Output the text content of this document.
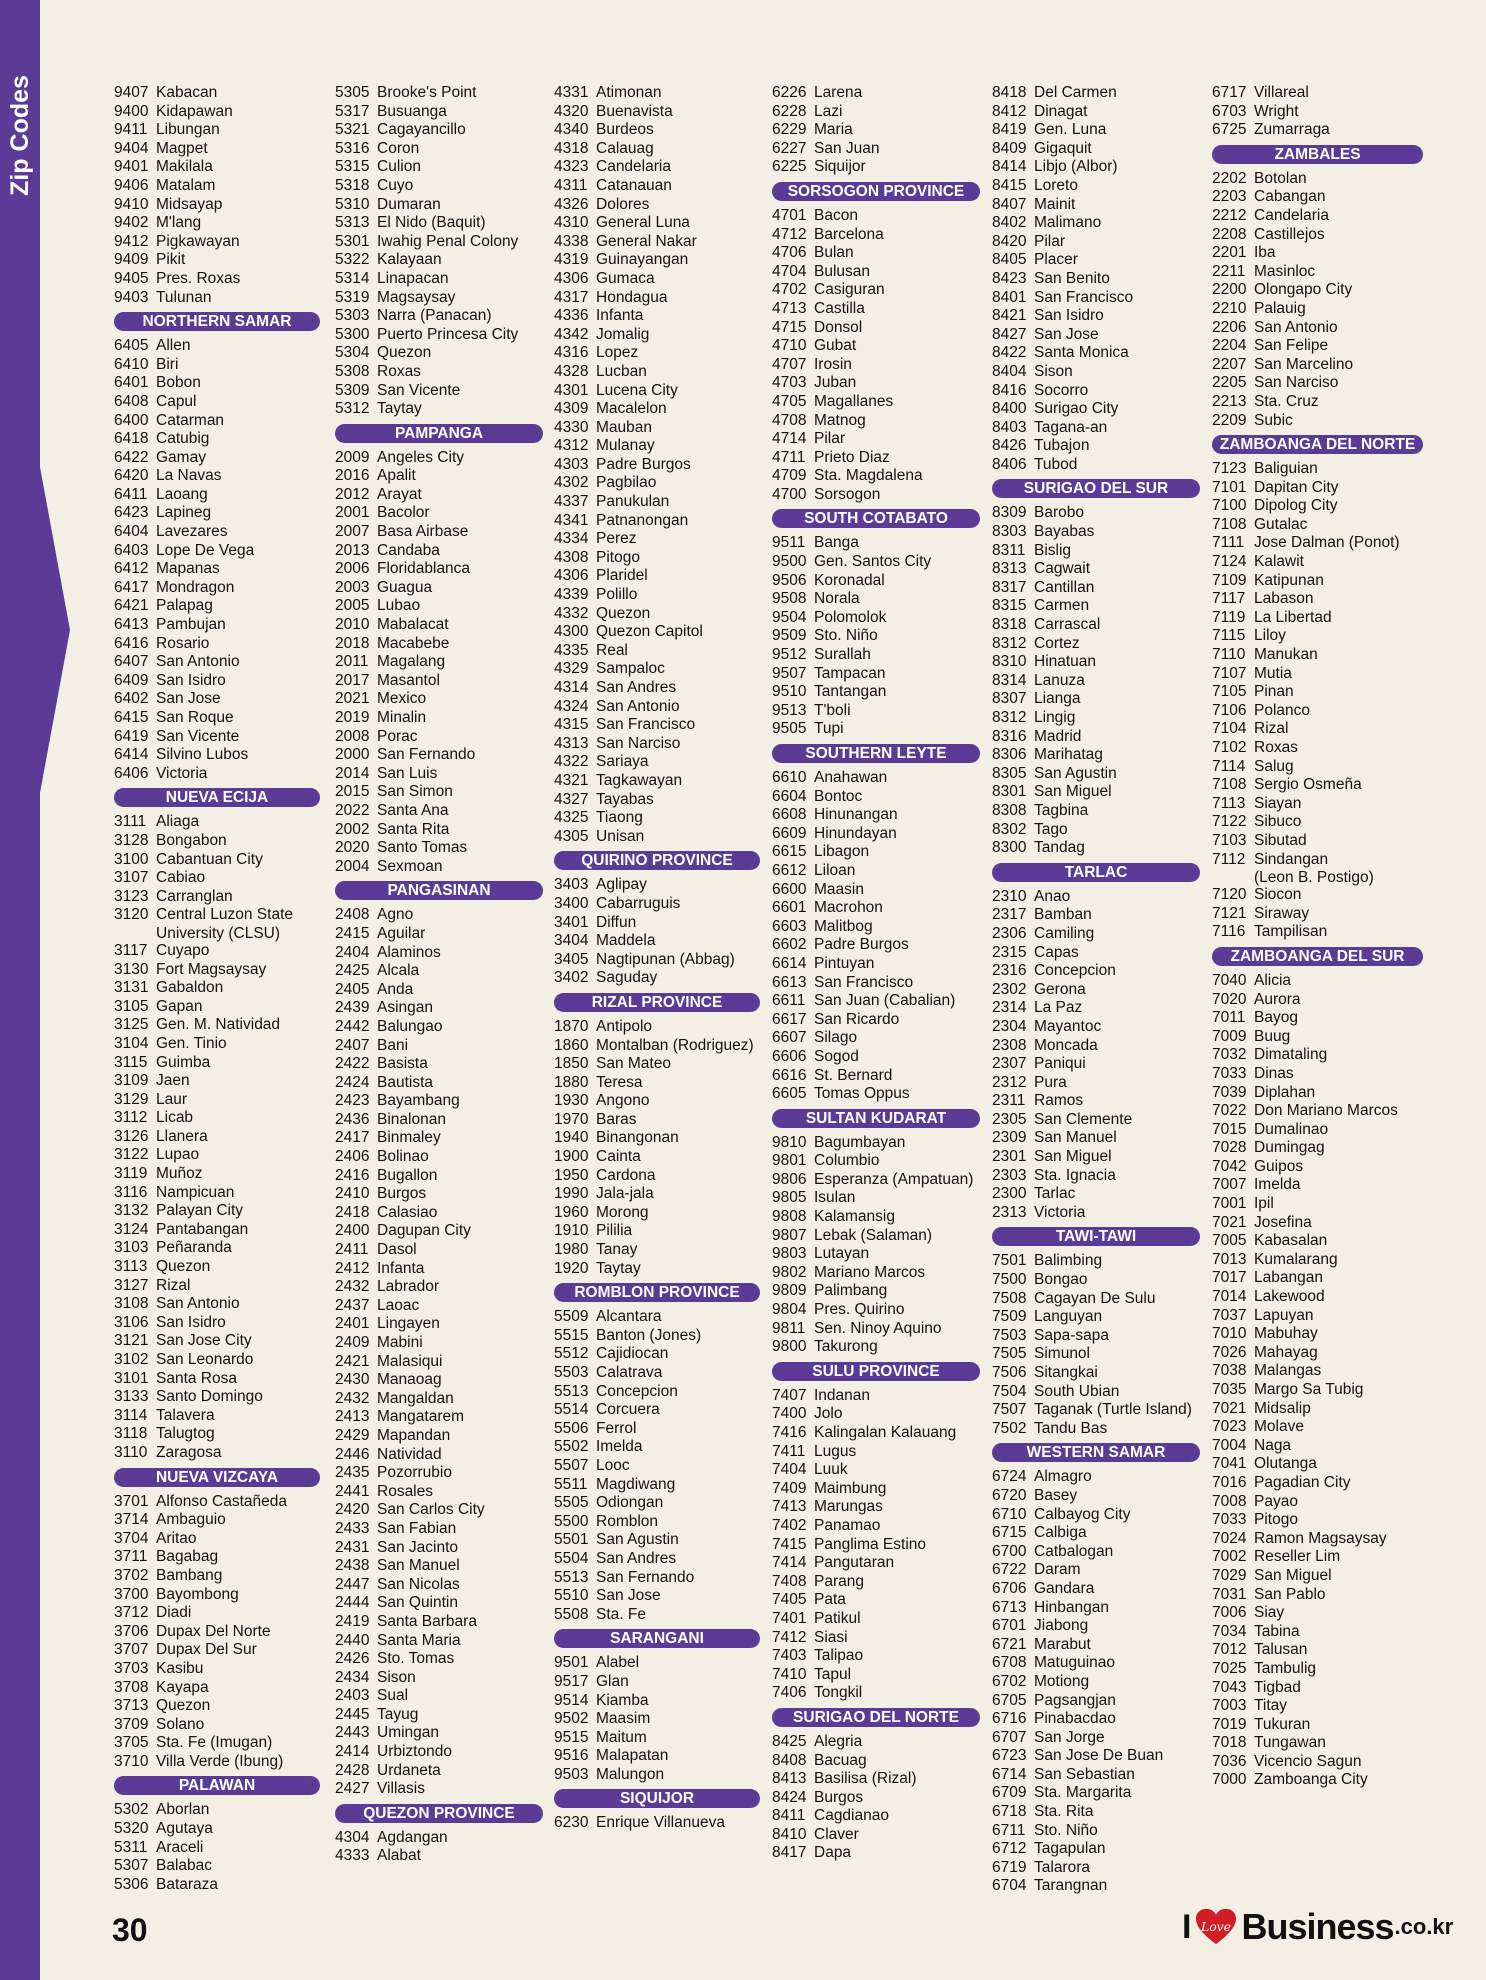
Zip Codes	9407 Kabacan
9400 Kidapawan
9411 Libungan
9404 Magpet
9401 Makilala
9406 Matalam
9410 Midsayap
9402 M'lang
9412 Pigkawayan
9409 Pikit
9405 Pres. Roxas
9403 Tulunan
NORTHERN SAMAR
6405 Allen
6410 Biri
6401 Bobon
6408 Capul
6400 Catarman
6418 Catubig
6422 Gamay
6420 La Navas
6411 Laoang
6423 Lapineg
6404 Lavezares
6403 Lope De Vega
6412 Mapanas
6417 Mondragon
6421 Palapag
6413 Pambujan
6416 Rosario
6407 San Antonio
6409 San Isidro
6402 San Jose
6415 San Roque
6419 San Vicente
6414 Silvino Lubos
6406 Victoria
NUEVA ECIJA
3111 Aliaga
3128 Bongabon
3100 Cabantuan City
3107 Cabiao
3123 Carranglan
3120 Central Luzon State
University (CLSU)
3117 Cuyapo
3130 Fort Magsaysay
3131 Gabaldon
3105 Gapan
3125 Gen. M. Natividad
3104 Gen. Tinio
3115 Guimba
3109 Jaen
3129 Laur
3112 Licab
3126 Llanera
3122 Lupao
3119 Muñoz
3116 Nampicuan
3132 Palayan City
3124 Pantabangan
3103 Peñaranda
3113 Quezon
3127 Rizal
3108 San Antonio
3106 San Isidro
3121 San Jose City
3102 San Leonardo
3101 Santa Rosa
3133 Santo Domingo
3114 Talavera
3118 Talugtog
3110 Zaragosa
NUEVA VIZCAYA
3701 Alfonso Castañeda
3714 Ambaguio
3704 Aritao
3711 Bagabag
3702 Bambang
3700 Bayombong
3712 Diadi
3706 Dupax Del Norte
3707 Dupax Del Sur
3703 Kasibu
3708 Kayapa
3713 Quezon
3709 Solano
3705 Sta. Fe (Imugan)
3710 Villa Verde (Ibung)
PALAWAN
5302 Aborlan
5320 Agutaya
5311 Araceli
5307 Balabac
5306 Bataraza
5305 Brooke's Point
5317 Busuanga
5321 Cagayancillo
5316 Coron
5315 Culion
5318 Cuyo
5310 Dumaran
5313 El Nido (Baquit)
5301 Iwahig Penal Colony
5322 Kalayaan
5314 Linapacan
5319 Magsaysay
5303 Narra (Panacan)
5300 Puerto Princesa City
5304 Quezon
5308 Roxas
5309 San Vicente
5312 Taytay
PAMPANGA
2009 Angeles City
2016 Apalit
2012 Arayat
2001 Bacolor
2007 Basa Airbase
2013 Candaba
2006 Floridablanca
2003 Guagua
2005 Lubao
2010 Mabalacat
2018 Macabebe
2011 Magalang
2017 Masantol
2021 Mexico
2019 Minalin
2008 Porac
2000 San Fernando
2014 San Luis
2015 San Simon
2022 Santa Ana
2002 Santa Rita
2020 Santo Tomas
2004 Sexmoan
PANGASINAN
2408 Agno
2415 Aguilar
2404 Alaminos
2425 Alcala
2405 Anda
2439 Asingan
2442 Balungao
2407 Bani
2422 Basista
2424 Bautista
2423 Bayambang
2436 Binalonan
2417 Binmaley
2406 Bolinao
2416 Bugallon
2410 Burgos
2418 Calasiao
2400 Dagupan City
2411 Dasol
2412 Infanta
2432 Labrador
2437 Laoac
2401 Lingayen
2409 Mabini
2421 Malasiqui
2430 Manaoag
2432 Mangaldan
2413 Mangatarem
2429 Mapandan
2446 Natividad
2435 Pozorrubio
2441 Rosales
2420 San Carlos City
2433 San Fabian
2431 San Jacinto
2438 San Manuel
2447 San Nicolas
2444 San Quintin
2419 Santa Barbara
2440 Santa Maria
2426 Sto. Tomas
2434 Sison
2403 Sual
2445 Tayug
2443 Umingan
2414 Urbiztondo
2428 Urdaneta
2427 Villasis
QUEZON PROVINCE
4304 Agdangan
4333 Alabat
4331 Atimonan
4320 Buenavista
4340 Burdeos
4318 Calauag
4323 Candelaria
4311 Catanauan
4326 Dolores
4310 General Luna
4338 General Nakar
4319 Guinayangan
4306 Gumaca
4317 Hondagua
4336 Infanta
4342 Jomalig
4316 Lopez
4328 Lucban
4301 Lucena City
4309 Macalelon
4330 Mauban
4312 Mulanay
4303 Padre Burgos
4302 Pagbilao
4337 Panukulan
4341 Patnanongan
4334 Perez
4308 Pitogo
4306 Plaridel
4339 Polillo
4332 Quezon
4300 Quezon Capitol
4335 Real
4329 Sampaloc
4314 San Andres
4324 San Antonio
4315 San Francisco
4313 San Narciso
4322 Sariaya
4321 Tagkawayan
4327 Tayabas
4325 Tiaong
4305 Unisan
QUIRINO PROVINCE
3403 Aglipay
3400 Cabarruguis
3401 Diffun
3404 Maddela
3405 Nagtipunan (Abbag)
3402 Saguday
RIZAL PROVINCE
1870 Antipolo
1860 Montalban (Rodriguez)
1850 San Mateo
1880 Teresa
1930 Angono
1970 Baras
1940 Binangonan
1900 Cainta
1950 Cardona
1990 Jala-jala
1960 Morong
1910 Pililia
1980 Tanay
1920 Taytay
ROMBLON PROVINCE
5509 Alcantara
5515 Banton (Jones)
5512 Cajidiocan
5503 Calatrava
5513 Concepcion
5514 Corcuera
5506 Ferrol
5502 Imelda
5507 Looc
5511 Magdiwang
5505 Odiongan
5500 Romblon
5501 San Agustin
5504 San Andres
5513 San Fernando
5510 San Jose
5508 Sta. Fe
SARANGANI
9501 Alabel
9517 Glan
9514 Kiamba
9502 Maasim
9515 Maitum
9516 Malapatan
9503 Malungon
SIQUIJOR
6230 Enrique Villanueva
6226 Larena
6228 Lazi
6229 Maria
6227 San Juan
6225 Siquijor
SORSOGON PROVINCE
4701 Bacon
4712 Barcelona
4706 Bulan
4704 Bulusan
4702 Casiguran
4713 Castilla
4715 Donsol
4710 Gubat
4707 Irosin
4703 Juban
4705 Magallanes
4708 Matnog
4714 Pilar
4711 Prieto Diaz
4709 Sta. Magdalena
4700 Sorsogon
SOUTH COTABATO
9511 Banga
9500 Gen. Santos City
9506 Koronadal
9508 Norala
9504 Polomolok
9509 Sto. Niño
9512 Surallah
9507 Tampacan
9510 Tantangan
9513 T'boli
9505 Tupi
SOUTHERN LEYTE
6610 Anahawan
6604 Bontoc
6608 Hinunangan
6609 Hinundayan
6615 Libagon
6612 Liloan
6600 Maasin
6601 Macrohon
6603 Malitbog
6602 Padre Burgos
6614 Pintuyan
6613 San Francisco
6611 San Juan (Cabalian)
6617 San Ricardo
6607 Silago
6606 Sogod
6616 St. Bernard
6605 Tomas Oppus
SULTAN KUDARAT
9810 Bagumbayan
9801 Columbio
9806 Esperanza (Ampatuan)
9805 Isulan
9808 Kalamansig
9807 Lebak (Salaman)
9803 Lutayan
9802 Mariano Marcos
9809 Palimbang
9804 Pres. Quirino
9811 Sen. Ninoy Aquino
9800 Takurong
SULU PROVINCE
7407 Indanan
7400 Jolo
7416 Kalingalan Kalauang
7411 Lugus
7404 Luuk
7409 Maimbung
7413 Marungas
7402 Panamao
7415 Panglima Estino
7414 Pangutaran
7408 Parang
7405 Pata
7401 Patikul
7412 Siasi
7403 Talipao
7410 Tapul
7406 Tongkil
SURIGAO DEL NORTE
8425 Alegria
8408 Bacuag
8413 Basilisa (Rizal)
8424 Burgos
8411 Cagdianao
8410 Claver
8417 Dapa
8418 Del Carmen
8412 Dinagat
8419 Gen. Luna
8409 Gigaquit
8414 Libjo (Albor)
8415 Loreto
8407 Mainit
8402 Malimano
8420 Pilar
8405 Placer
8423 San Benito
8401 San Francisco
8421 San Isidro
8427 San Jose
8422 Santa Monica
8404 Sison
8416 Socorro
8400 Surigao City
8403 Tagana-an
8426 Tubajon
8406 Tubod
SURIGAO DEL SUR
8309 Barobo
8303 Bayabas
8311 Bislig
8313 Cagwait
8317 Cantillan
8315 Carmen
8318 Carrascal
8312 Cortez
8310 Hinatuan
8314 Lanuza
8307 Lianga
8312 Lingig
8316 Madrid
8306 Marihatag
8305 San Agustin
8301 San Miguel
8308 Tagbina
8302 Tago
8300 Tandag
TARLAC
2310 Anao
2317 Bamban
2306 Camiling
2315 Capas
2316 Concepcion
2302 Gerona
2314 La Paz
2304 Mayantoc
2308 Moncada
2307 Paniqui
2312 Pura
2311 Ramos
2305 San Clemente
2309 San Manuel
2301 San Miguel
2303 Sta. Ignacia
2300 Tarlac
2313 Victoria
TAWI-TAWI
7501 Balimbing
7500 Bongao
7508 Cagayan De Sulu
7509 Languyan
7503 Sapa-sapa
7505 Simunol
7506 Sitangkai
7504 South Ubian
7507 Taganak (Turtle Island)
7502 Tandu Bas
WESTERN SAMAR
6724 Almagro
6720 Basey
6710 Calbayog City
6715 Calbiga
6700 Catbalogan
6722 Daram
6706 Gandara
6713 Hinbangan
6701 Jiabong
6721 Marabut
6708 Matuguinao
6702 Motiong
6705 Pagsangjan
6716 Pinabacdao
6707 San Jorge
6723 San Jose De Buan
6714 San Sebastian
6709 Sta. Margarita
6718 Sta. Rita
6711 Sto. Niño
6712 Tagapulan
6719 Talarora
6704 Tarangnan
6717 Villareal
6703 Wright
6725 Zumarraga
ZAMBALES
2202 Botolan
2203 Cabangan
2212 Candelaria
2208 Castillejos
2201 Iba
2211 Masinloc
2200 Olongapo City
2210 Palauig
2206 San Antonio
2204 San Felipe
2207 San Marcelino
2205 San Narciso
2213 Sta. Cruz
2209 Subic
ZAMBOANGA DEL NORTE
7123 Baliguian
7101 Dapitan City
7100 Dipolog City
7108 Gutalac
7111 Jose Dalman (Ponot)
7124 Kalawit
7109 Katipunan
7117 Labason
7119 La Libertad
7115 Liloy
7110 Manukan
7107 Mutia
7105 Pinan
7106 Polanco
7104 Rizal
7102 Roxas
7114 Salug
7108 Sergio Osmeña
7113 Siayan
7122 Sibuco
7103 Sibutad
7112 Sindangan
(Leon B. Postigo)
7120 Siocon
7121 Siraway
7116 Tampilisan
ZAMBOANGA DEL SUR
7040 Alicia
7020 Aurora
7011 Bayog
7009 Buug
7032 Dimataling
7033 Dinas
7039 Diplahan
7022 Don Mariano Marcos
7015 Dumalinao
7028 Dumingag
7042 Guipos
7007 Imelda
7001 Ipil
7021 Josefina
7005 Kabasalan
7013 Kumalarang
7017 Labangan
7014 Lakewood
7037 Lapuyan
7010 Mabuhay
7026 Mahayag
7038 Malangas
7035 Margo Sa Tubig
7021 Midsalip
7023 Molave
7004 Naga
7041 Olutanga
7016 Pagadian City
7008 Payao
7033 Pitogo
7024 Ramon Magsaysay
7002 Reseller Lim
7029 San Miguel
7031 San Pablo
7006 Siay
7034 Tabina
7012 Talusan
7025 Tambulig
7043 Tigbad
7003 Titay
7019 Tukuran
7018 Tungawan
7036 Vicencio Sagun
7000 Zamboanga City
30	I Love Business .co.kr
